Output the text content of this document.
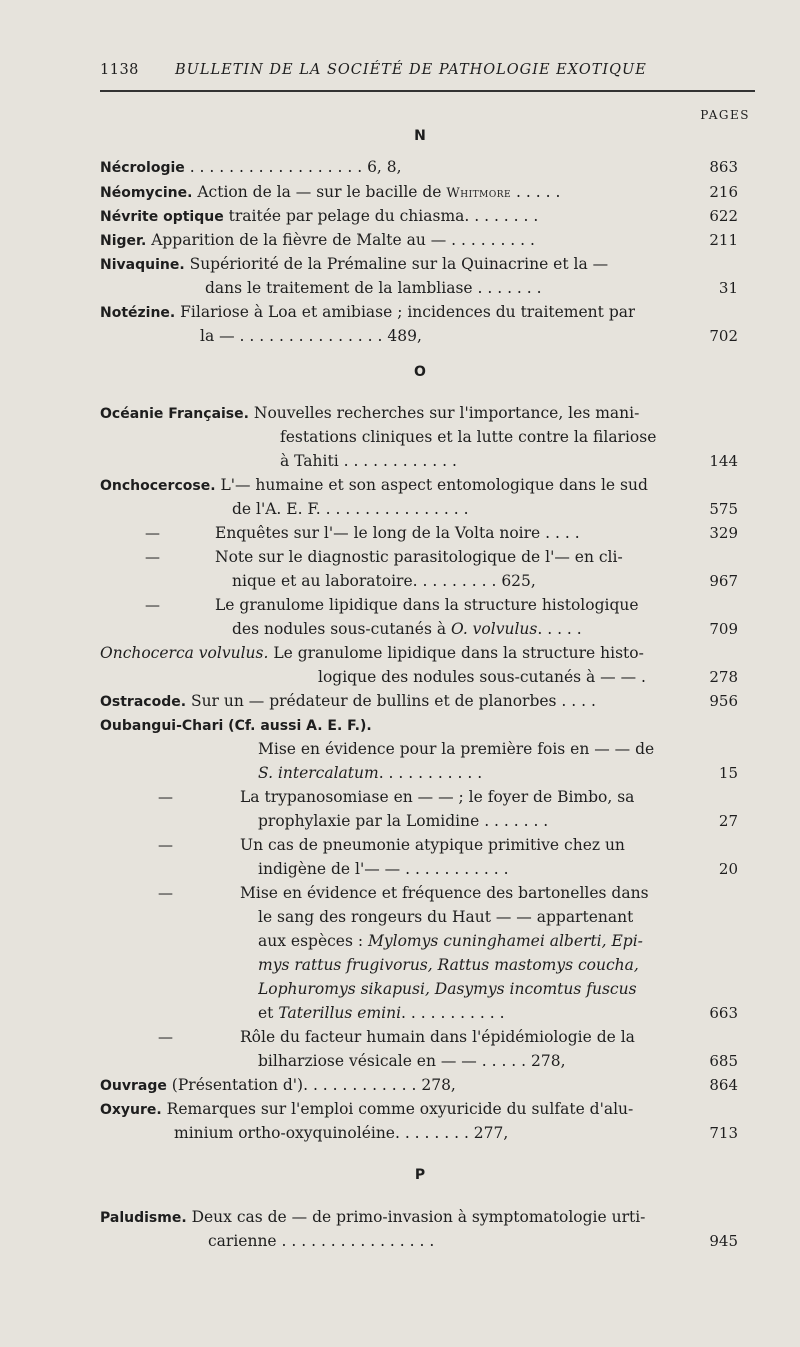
1138 BULLETIN DE LA SOCIÉTÉ DE PATHOLOGIE EXOTIQUE
PAGES
N
Nécrologie . . . . . . . . . . . . . . . . . . 6, 8,	863
Néomycine. Action de la — sur le bacille de Whitmore . . . . .	216
Névrite optique traitée par pelage du chiasma. . . . . . . .	622
Niger. Apparition de la fièvre de Malte au — . . . . . . . . .	211
Nivaquine. Supériorité de la Prémaline sur la Quinacrine et la —
dans le traitement de la lambliase . . . . . . .	31
Notézine. Filariose à Loa et amibiase ; incidences du traitement par
la — . . . . . . . . . . . . . . . 489,	702
O
Océanie Française. Nouvelles recherches sur l'importance, les mani-
festations cliniques et la lutte contre la filariose
à Tahiti . . . . . . . . . . . .	144
Onchocercose. L'— humaine et son aspect entomologique dans le sud
de l'A. E. F. . . . . . . . . . . . . . . .	575
—	Enquêtes sur l'— le long de la Volta noire . . . .	329
—	Note sur le diagnostic parasitologique de l'— en cli-
nique et au laboratoire. . . . . . . . . 625,	967
—	Le granulome lipidique dans la structure histologique
des nodules sous-cutanés à O. volvulus. . . . .	709
Onchocerca volvulus. Le granulome lipidique dans la structure histo-
logique des nodules sous-cutanés à — — .	278
Ostracode. Sur un — prédateur de bullins et de planorbes . . . .	956
Oubangui-Chari (Cf. aussi A. E. F.).
Mise en évidence pour la première fois en — — de
S. intercalatum. . . . . . . . . . .	15
—	La trypanosomiase en — — ; le foyer de Bimbo, sa
prophylaxie par la Lomidine . . . . . . .	27
—	Un cas de pneumonie atypique primitive chez un
indigène de l'— — . . . . . . . . . . .	20
—	Mise en évidence et fréquence des bartonelles dans
le sang des rongeurs du Haut — — appartenant
aux espèces : Mylomys cuninghamei alberti, Epi-
mys rattus frugivorus, Rattus mastomys coucha,
Lophuromys sikapusi, Dasymys incomtus fuscus
et Taterillus emini. . . . . . . . . . .	663
—	Rôle du facteur humain dans l'épidémiologie de la
bilharziose vésicale en — — . . . . . 278,	685
Ouvrage (Présentation d'). . . . . . . . . . . . 278,	864
Oxyure. Remarques sur l'emploi comme oxyuricide du sulfate d'alu-
minium ortho-oxyquinoléine. . . . . . . . 277,	713
P
Paludisme. Deux cas de — de primo-invasion à symptomatologie urti-
carienne . . . . . . . . . . . . . . . .	945
